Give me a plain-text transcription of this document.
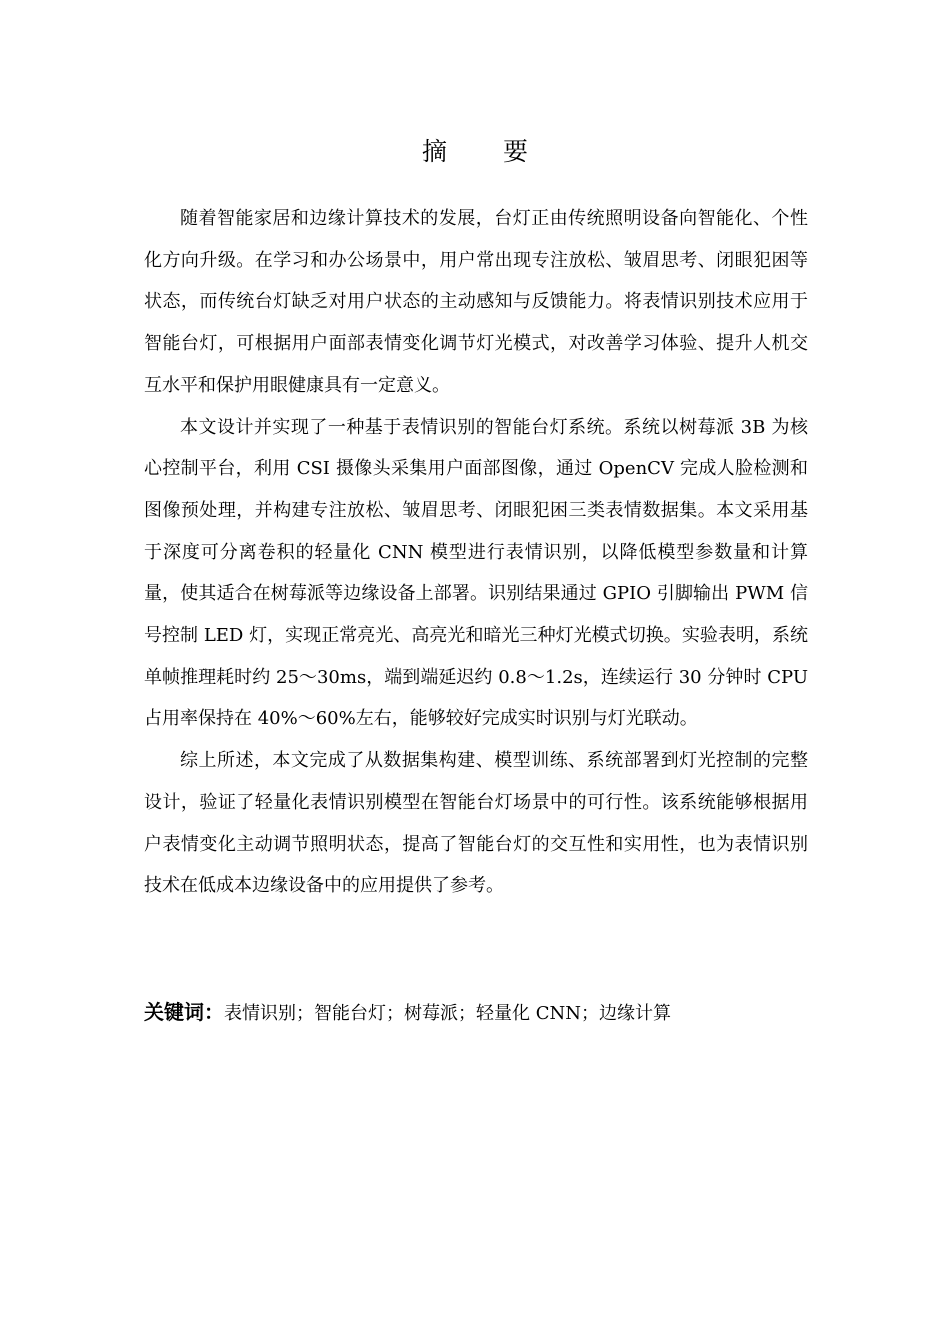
摘 要

随着智能家居和边缘计算技术的发展，台灯正由传统照明设备向智能化、个性化方向升级。在学习和办公场景中，用户常出现专注放松、皱眉思考、闭眼犯困等状态，而传统台灯缺乏对用户状态的主动感知与反馈能力。将表情识别技术应用于智能台灯，可根据用户面部表情变化调节灯光模式，对改善学习体验、提升人机交互水平和保护用眼健康具有一定意义。

本文设计并实现了一种基于表情识别的智能台灯系统。系统以树莓派 3B 为核心控制平台，利用 CSI 摄像头采集用户面部图像，通过 OpenCV 完成人脸检测和图像预处理，并构建专注放松、皱眉思考、闭眼犯困三类表情数据集。本文采用基于深度可分离卷积的轻量化 CNN 模型进行表情识别，以降低模型参数量和计算量，使其适合在树莓派等边缘设备上部署。识别结果通过 GPIO 引脚输出 PWM 信号控制 LED 灯，实现正常亮光、高亮光和暗光三种灯光模式切换。实验表明，系统单帧推理耗时约 25～30ms，端到端延迟约 0.8～1.2s，连续运行 30 分钟时 CPU 占用率保持在 40%～60%左右，能够较好完成实时识别与灯光联动。

综上所述，本文完成了从数据集构建、模型训练、系统部署到灯光控制的完整设计，验证了轻量化表情识别模型在智能台灯场景中的可行性。该系统能够根据用户表情变化主动调节照明状态，提高了智能台灯的交互性和实用性，也为表情识别技术在低成本边缘设备中的应用提供了参考。

关键词：表情识别；智能台灯；树莓派；轻量化 CNN；边缘计算
